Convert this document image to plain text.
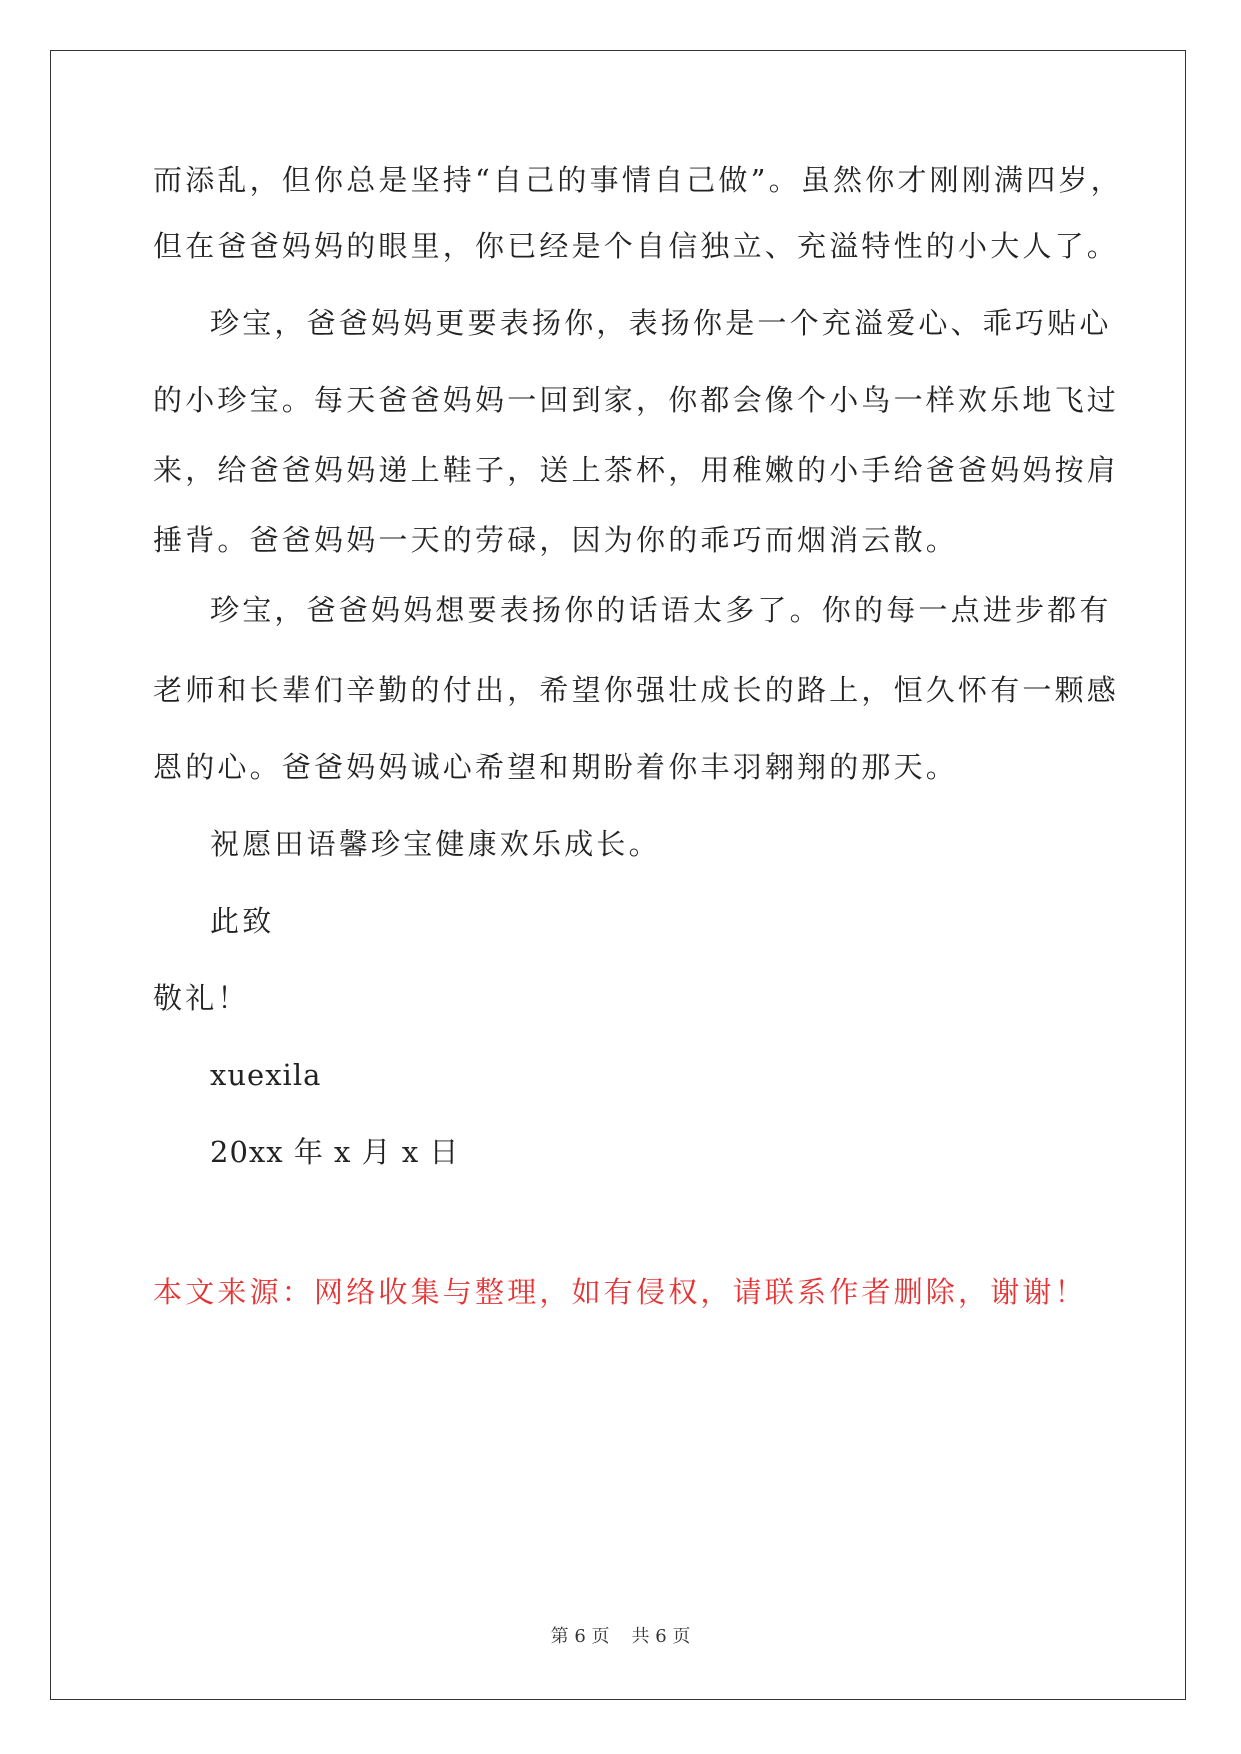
而添乱，但你总是坚持“自己的事情自己做”。虽然你才刚刚满四岁，
但在爸爸妈妈的眼里，你已经是个自信独立、充溢特性的小大人了。
珍宝，爸爸妈妈更要表扬你，表扬你是一个充溢爱心、乖巧贴心
的小珍宝。每天爸爸妈妈一回到家，你都会像个小鸟一样欢乐地飞过
来，给爸爸妈妈递上鞋子，送上茶杯，用稚嫩的小手给爸爸妈妈按肩
捶背。爸爸妈妈一天的劳碌，因为你的乖巧而烟消云散。
珍宝，爸爸妈妈想要表扬你的话语太多了。你的每一点进步都有
老师和长辈们辛勤的付出，希望你强壮成长的路上，恒久怀有一颗感
恩的心。爸爸妈妈诚心希望和期盼着你丰羽翱翔的那天。
祝愿田语馨珍宝健康欢乐成长。
此致
敬礼！
xuexila
20xx 年 x 月 x 日
本文来源：网络收集与整理，如有侵权，请联系作者删除，谢谢！
第 6 页 共 6 页
